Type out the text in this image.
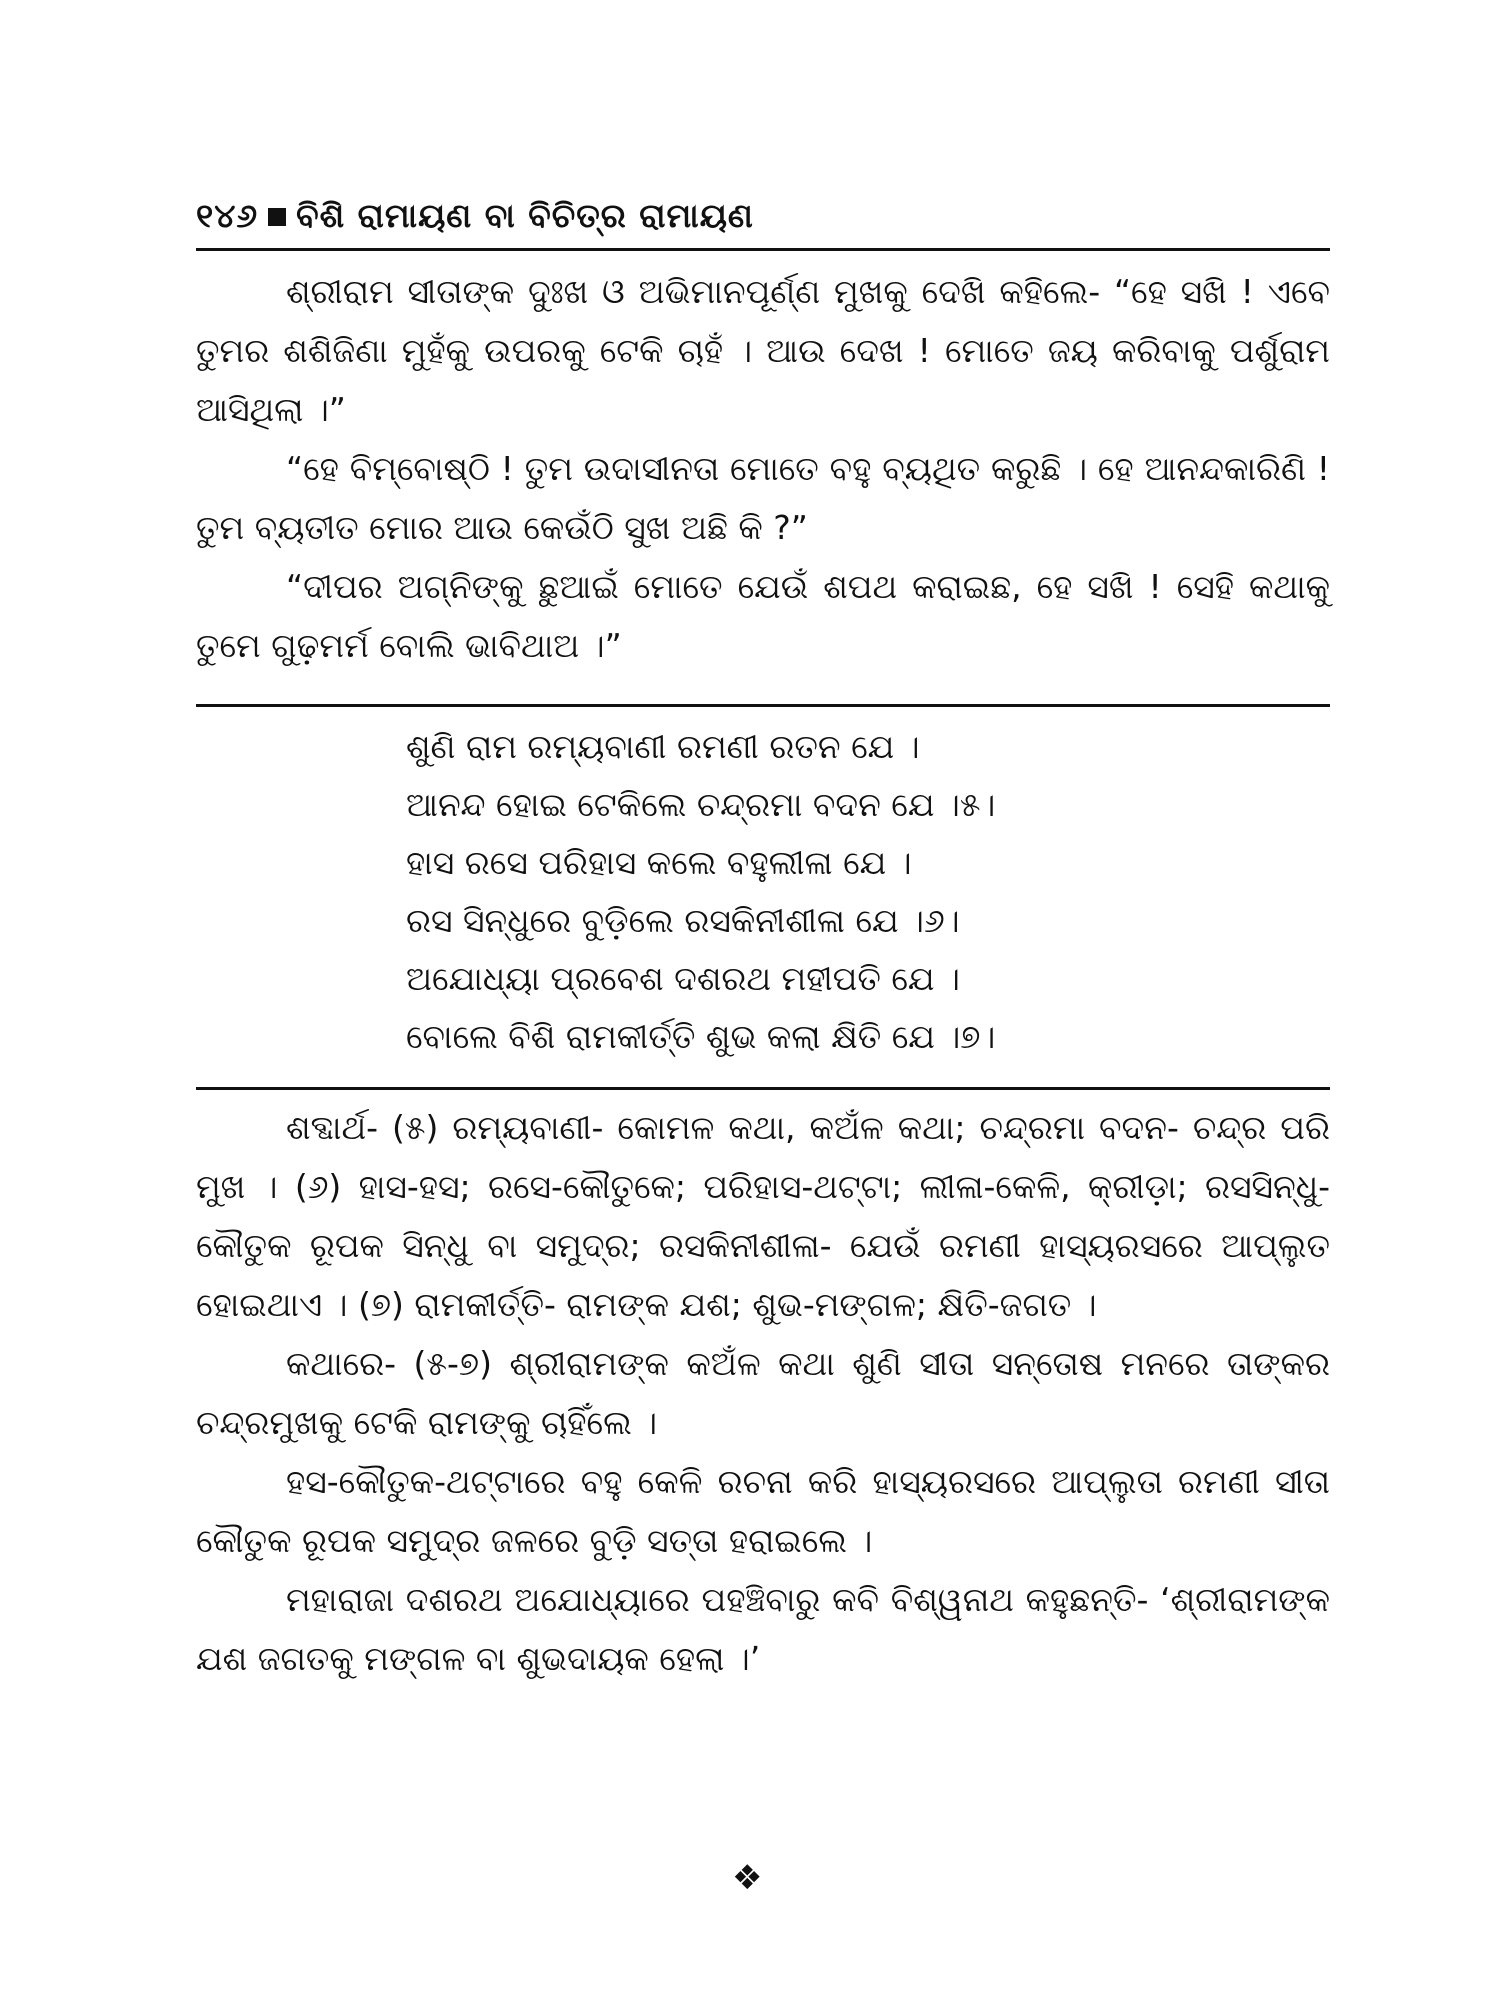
୧୪୬ ବିଶି ରାମାୟଣ ବା ବିଚିତ୍ର ରାମାୟଣ

ଶ୍ରୀରାମ ସୀତାଙ୍କ ଦୁଃଖ ଓ ଅଭିମାନପୂର୍ଣ୍ଣ ମୁଖକୁ ଦେଖି କହିଲେ- “ହେ ସଖି ! ଏବେ ତୁମର ଶଶିଜିଣା ମୁହଁକୁ ଉପରକୁ ଟେକି ଚାହଁ । ଆଉ ଦେଖ ! ମୋତେ ଜୟ କରିବାକୁ ପର୍ଶୁରାମ ଆସିଥିଲା ।”

“ହେ ବିମ୍ବୋଷ୍ଠି ! ତୁମ ଉଦାସୀନତା ମୋତେ ବହୁ ବ୍ୟଥିତ କରୁଛି । ହେ ଆନନ୍ଦକାରିଣି ! ତୁମ ବ୍ୟତୀତ ମୋର ଆଉ କେଉଁଠି ସୁଖ ଅଛି କି ?”

“ଦୀପର ଅଗ୍ନିଙ୍କୁ ଛୁଆଇଁ ମୋତେ ଯେଉଁ ଶପଥ କରାଇଛ, ହେ ସଖି ! ସେହି କଥାକୁ ତୁମେ ଗୁଢ଼ମର୍ମ ବୋଲି ଭାବିଥାଅ ।”

ଶୁଣି ରାମ ରମ୍ୟବାଣୀ ରମଣୀ ରତନ ଯେ ।
ଆନନ୍ଦ ହୋଇ ଟେକିଲେ ଚନ୍ଦ୍ରମା ବଦନ ଯେ ।୫।
ହାସ ରସେ ପରିହାସ କଲେ ବହୁଲୀଳା ଯେ ।
ରସ ସିନ୍ଧୁରେ ବୁଡ଼ିଲେ ରସକିନୀଶୀଳା ଯେ ।୬।
ଅଯୋଧ୍ୟା ପ୍ରବେଶ ଦଶରଥ ମହୀପତି ଯେ ।
ବୋଲେ ବିଶି ରାମକୀର୍ତ୍ତି ଶୁଭ କଲା କ୍ଷିତି ଯେ ।୭।

ଶବ୍ଦାର୍ଥ- (୫) ରମ୍ୟବାଣୀ- କୋମଳ କଥା, କଅଁଳ କଥା; ଚନ୍ଦ୍ରମା ବଦନ- ଚନ୍ଦ୍ର ପରି ମୁଖ । (୬) ହାସ-ହସ; ରସେ-କୌତୁକେ; ପରିହାସ-ଥଟ୍ଟା; ଲୀଳା-କେଳି, କ୍ରୀଡ଼ା; ରସସିନ୍ଧୁ-କୌତୁକ ରୂପକ ସିନ୍ଧୁ ବା ସମୁଦ୍ର; ରସକିନୀଶୀଳା- ଯେଉଁ ରମଣୀ ହାସ୍ୟରସରେ ଆପ୍ଲୁତ ହୋଇଥାଏ । (୭) ରାମକୀର୍ତ୍ତି- ରାମଙ୍କ ଯଶ; ଶୁଭ-ମଙ୍ଗଳ; କ୍ଷିତି-ଜଗତ ।

କଥାରେ- (୫-୭) ଶ୍ରୀରାମଙ୍କ କଅଁଳ କଥା ଶୁଣି ସୀତା ସନ୍ତୋଷ ମନରେ ତାଙ୍କର ଚନ୍ଦ୍ରମୁଖକୁ ଟେକି ରାମଙ୍କୁ ଚାହିଁଲେ ।

ହସ-କୌତୁକ-ଥଟ୍ଟାରେ ବହୁ କେଳି ରଚନା କରି ହାସ୍ୟରସରେ ଆପ୍ଲୁତା ରମଣୀ ସୀତା କୌତୁକ ରୂପକ ସମୁଦ୍ର ଜଳରେ ବୁଡ଼ି ସତ୍ତା ହରାଇଲେ ।

ମହାରାଜା ଦଶରଥ ଅଯୋଧ୍ୟାରେ ପହଞ୍ଚିବାରୁ କବି ବିଶ୍ୱନାଥ କହୁଛନ୍ତି- ‘ଶ୍ରୀରାମଙ୍କ ଯଶ ଜଗତକୁ ମଙ୍ଗଳ ବା ଶୁଭଦାୟକ ହେଲା ।’

❖
